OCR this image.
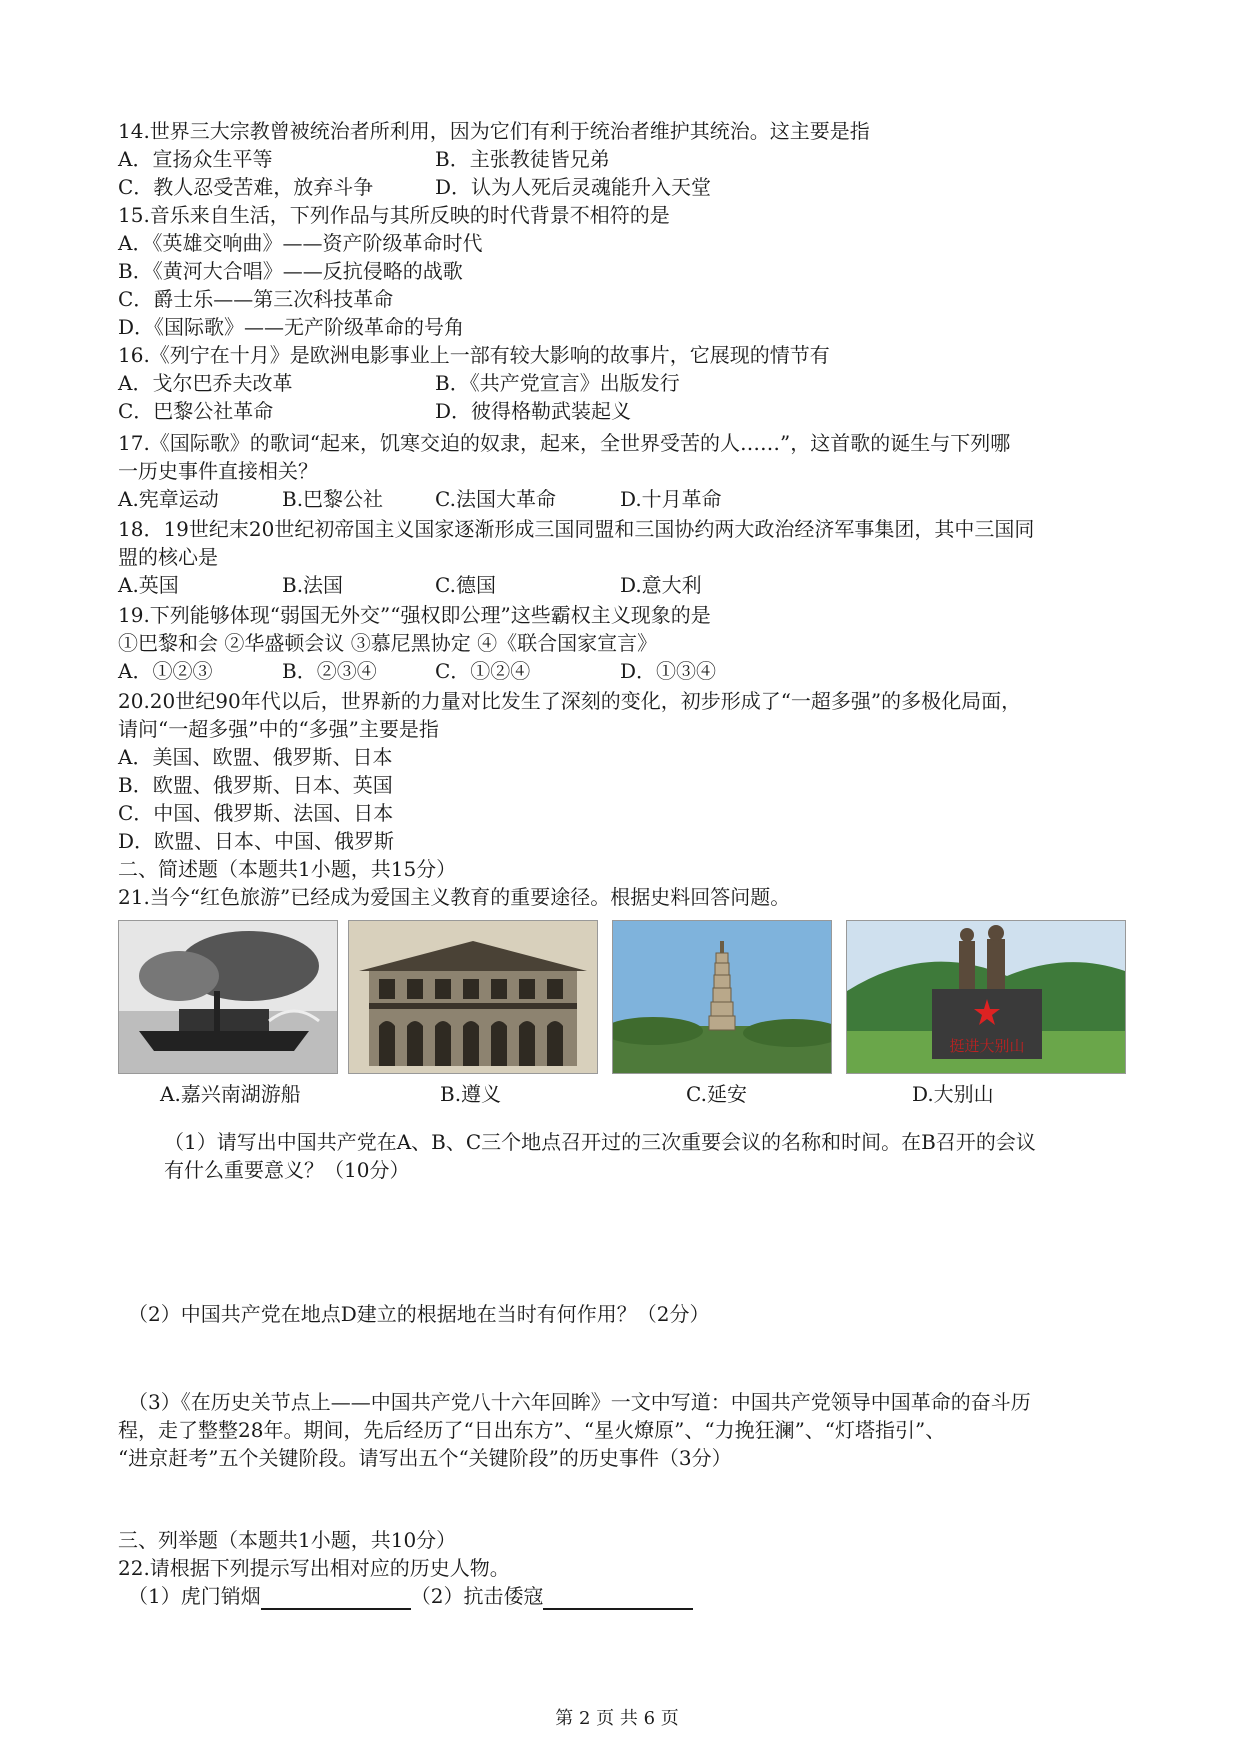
14.世界三大宗教曾被统治者所利用，因为它们有利于统治者维护其统治。这主要是指
A．宣扬众生平等	B．主张教徒皆兄弟
C．教人忍受苦难，放弃斗争	D．认为人死后灵魂能升入天堂
15.音乐来自生活，下列作品与其所反映的时代背景不相符的是
A．《英雄交响曲》——资产阶级革命时代
B．《黄河大合唱》——反抗侵略的战歌
C．爵士乐——第三次科技革命
D．《国际歌》——无产阶级革命的号角
16.《列宁在十月》是欧洲电影事业上一部有较大影响的故事片，它展现的情节有
A．戈尔巴乔夫改革	B．《共产党宣言》出版发行
C．巴黎公社革命	D．彼得格勒武装起义
17.《国际歌》的歌词“起来，饥寒交迫的奴隶，起来，全世界受苦的人……”，这首歌的诞生与下列哪
一历史事件直接相关？
A.宪章运动	B.巴黎公社	C.法国大革命	D.十月革命
18．19世纪末20世纪初帝国主义国家逐渐形成三国同盟和三国协约两大政治经济军事集团，其中三国同
盟的核心是
A.英国	B.法国	C.德国	D.意大利
19.下列能够体现“弱国无外交”“强权即公理”这些霸权主义现象的是
①巴黎和会 ②华盛顿会议 ③慕尼黑协定 ④《联合国家宣言》
A．①②③	B．②③④	C．①②④	D．①③④
20.20世纪90年代以后，世界新的力量对比发生了深刻的变化，初步形成了“一超多强”的多极化局面，
请问“一超多强”中的“多强”主要是指
A．美国、欧盟、俄罗斯、日本
B．欧盟、俄罗斯、日本、英国
C．中国、俄罗斯、法国、日本
D．欧盟、日本、中国、俄罗斯
二、简述题（本题共1小题，共15分）
21.当今“红色旅游”已经成为爱国主义教育的重要途径。根据史料回答问题。
挺进大别山
A.嘉兴南湖游船	B.遵义	C.延安	D.大别山
（1）请写出中国共产党在A、B、C三个地点召开过的三次重要会议的名称和时间。在B召开的会议
有什么重要意义？（10分）
（2）中国共产党在地点D建立的根据地在当时有何作用？（2分）
（3）《在历史关节点上——中国共产党八十六年回眸》一文中写道：中国共产党领导中国革命的奋斗历
程，走了整整28年。期间，先后经历了“日出东方”、“星火燎原”、“力挽狂澜”、“灯塔指引”、
“进京赶考”五个关键阶段。请写出五个“关键阶段”的历史事件（3分）
三、列举题（本题共1小题，共10分）
22.请根据下列提示写出相对应的历史人物。
（1）虎门销烟	（2）抗击倭寇
第 2 页 共 6 页
